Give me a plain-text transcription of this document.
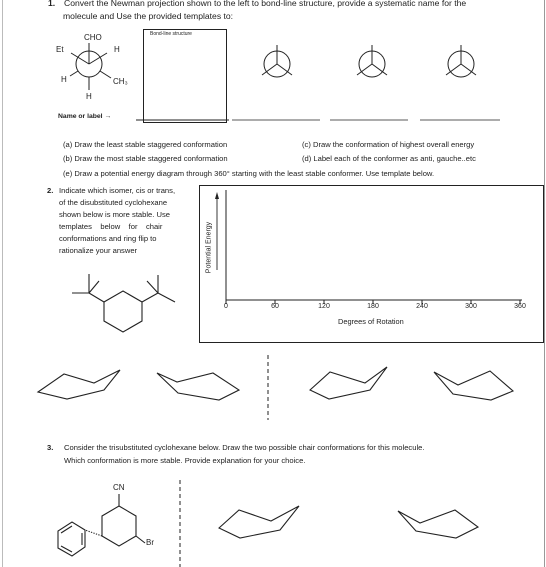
1. Convert the Newman projection shown to the left to bond-line structure, provide a systematic name for the
molecule and Use the provided templates to:
CHO
Et	H
H	CH₃
H
Bond-line structure
Name or label →
(a) Draw the least stable staggered conformation
(b) Draw the most stable staggered conformation
(c) Draw the conformation of highest overall energy
(d) Label each of the conformer as anti, gauche..etc
(e) Draw a potential energy diagram through 360° starting with the least stable conformer. Use template below.
2. Indicate which isomer, cis or trans,
of the disubstituted cyclohexane
shown below is more stable. Use
templates    below    for    chair
conformations and ring flip to
rationalize your answer	Potential Energy
0	60	120	180	240	300	360
Degrees of Rotation
3. Consider the trisubstituted cyclohexane below. Draw the two possible chair conformations for this molecule.
Which conformation is more stable. Provide explanation for your choice.
CN
Br
